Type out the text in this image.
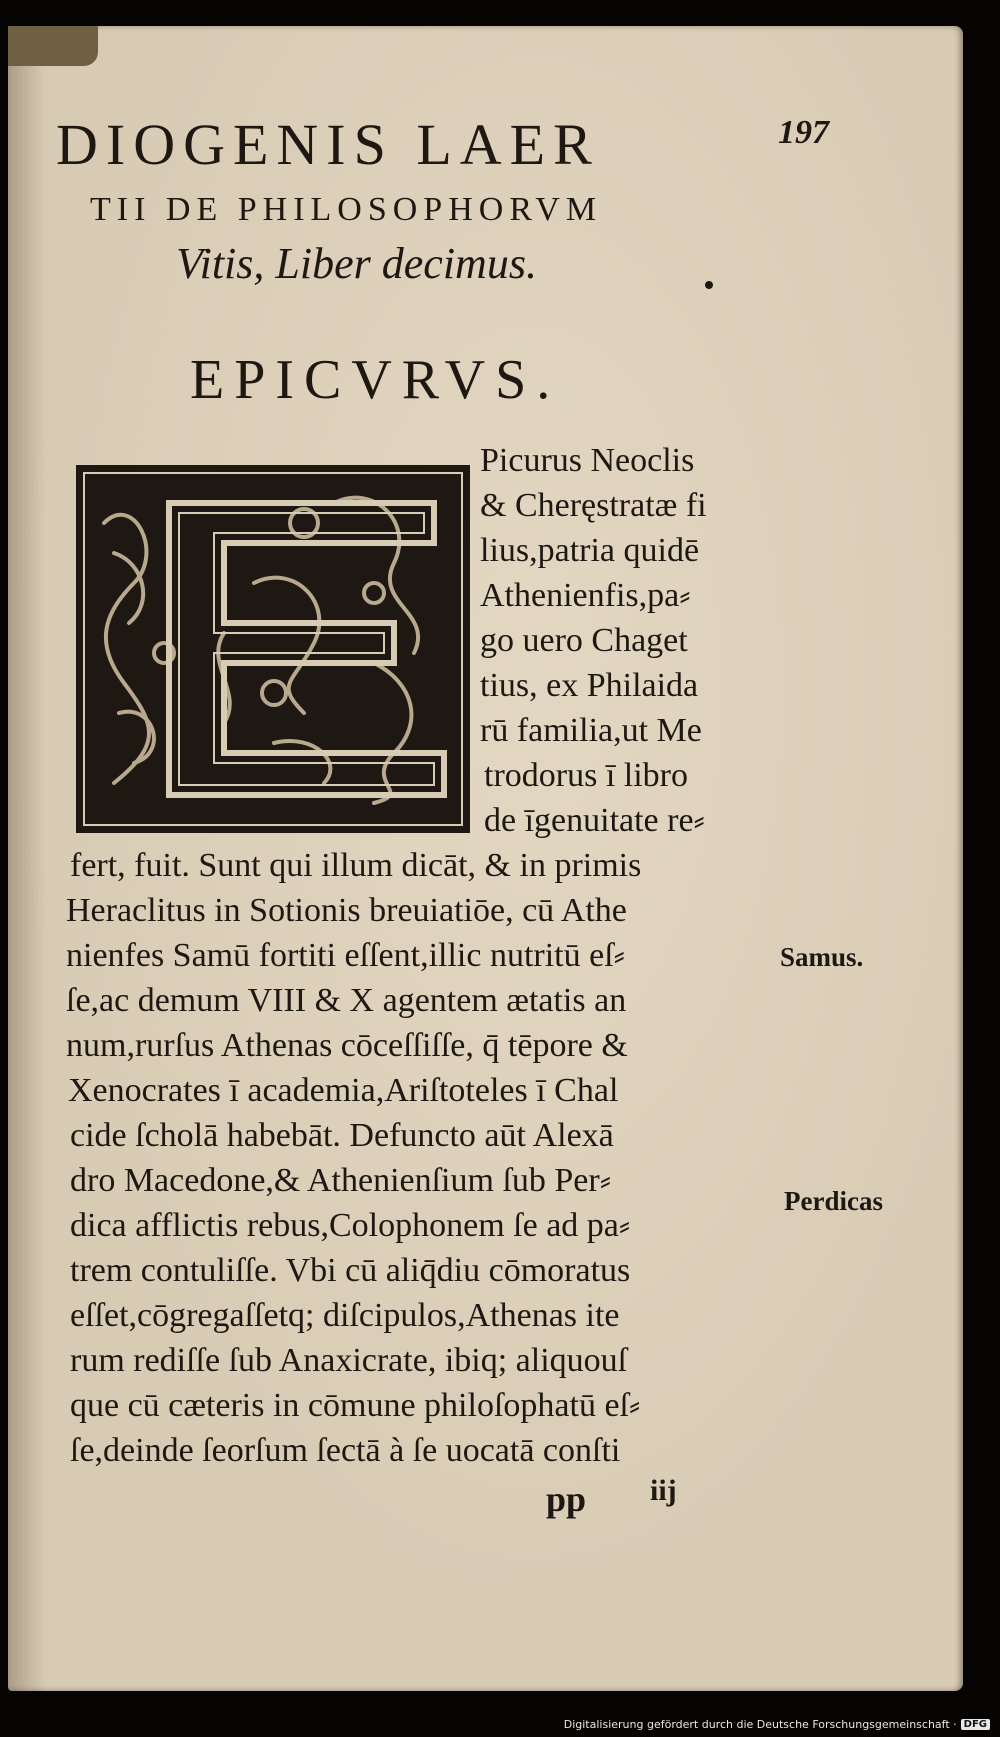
DIOGENIS LAER	197
TII DE PHILOSOPHORVM
Vitis, Liber decimus.
EPICVRVS.
Picurus Neoclis
& Cheręstratæ fi
lius,patria quidē
Athenienfis,pa⸗
go uero Chaget
tius, ex Philaida
rū familia,ut Me
trodorus ī libro
de īgenuitate re⸗
fert, fuit. Sunt qui illum dicāt, & in primis
Heraclitus in Sotionis breuiatiōe, cū Athe
nienfes Samū fortiti eſſent,illic nutritū eſ⸗
ſe,ac demum VIII & X agentem ætatis an
num,rurſus Athenas cōceſſiſſe, q̄ tēpore &
Xenocrates ī academia,Ariſtoteles ī Chal
cide ſcholā habebāt. Defuncto aūt Alexā
dro Macedone,& Athenienſium ſub Per⸗
dica afflictis rebus,Colophonem ſe ad pa⸗
trem contuliſſe. Vbi cū aliq̄diu cōmoratus
eſſet,cōgregaſſetq; diſcipulos,Athenas ite
rum rediſſe ſub Anaxicrate, ibiq; aliquouſ
que cū cæteris in cōmune philoſophatū eſ⸗
ſe,deinde ſeorſum ſectā à ſe uocatā conſti
Samus.
Perdicas
pp iij
Digitalisierung gefördert durch die Deutsche Forschungsgemeinschaft · DFG
